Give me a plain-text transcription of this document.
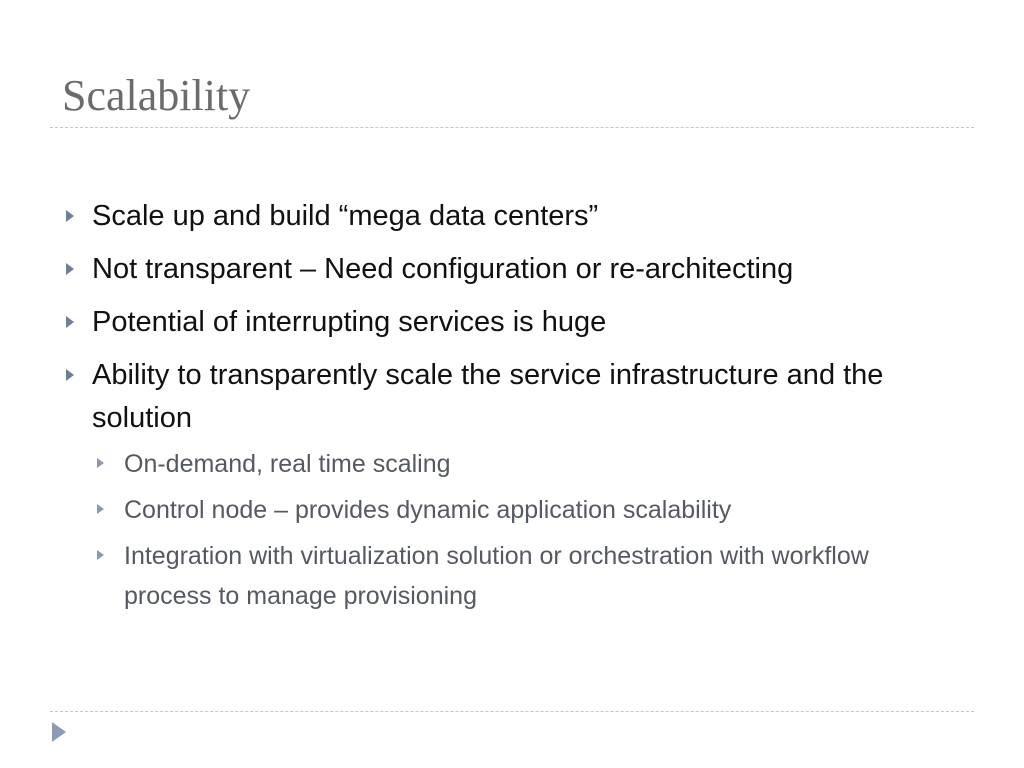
Scalability
Scale up and build “mega data centers”
Not transparent – Need configuration or re-architecting
Potential of interrupting services is huge
Ability to transparently scale the service infrastructure and the solution
On-demand, real time scaling
Control node – provides dynamic application scalability
Integration with virtualization solution or orchestration with workflow process to manage provisioning
